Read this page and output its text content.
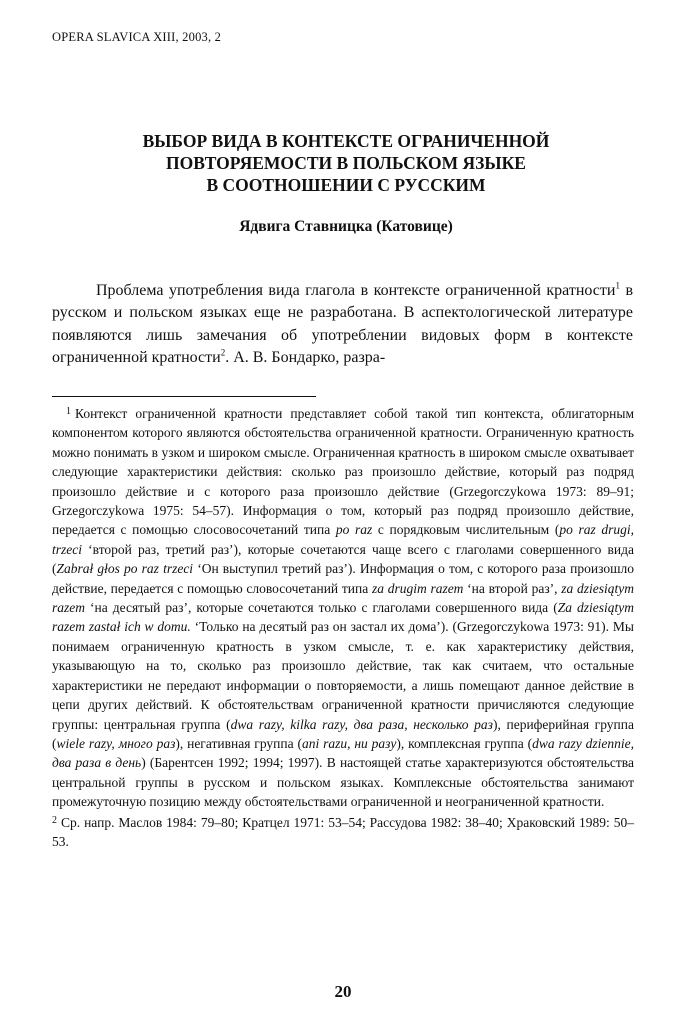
OPERA SLAVICA XIII, 2003, 2
ВЫБОР ВИДА В КОНТЕКСТЕ ОГРАНИЧЕННОЙ
ПОВТОРЯЕМОСТИ В ПОЛЬСКОМ ЯЗЫКЕ
В СООТНОШЕНИИ С РУССКИМ
Ядвига Ставницка (Катовице)

Проблема употребления вида глагола в контексте ограниченной кратности$^1$ в русском и польском языках еще не разработана. В аспектологической литературе появляются лишь замечания об употреблении видовых форм в контексте ограниченной кратности$^2$. А. В. Бондарко, разра-

$^1$ Контекст ограниченной кратности представляет собой такой тип контекста, облигаторным компонентом которого являются обстоятельства ограниченной кратности. Ограниченную кратность можно понимать в узком и широком смысле. Ограниченная кратность в широком смысле охватывает следующие характеристики действия: сколько раз произошло действие, который раз подряд произошло действие и с которого раза произошло действие (Grzegorczykowa 1973: 89–91; Grzegorczykowa 1975: 54–57). Информация о том, который раз подряд произошло действие, передается с помощью слосовосочетаний типа po raz с порядковым числительным (po raz drugi, trzeci ‘второй раз, третий раз’), которые сочетаются чаще всего с глаголами совершенного вида (Zabrał głos po raz trzeci ‘Он выступил третий раз’). Информация о том, с которого раза произошло действие, передается с помощью словосочетаний типа za drugim razem ‘на второй раз’, za dziesiątym razem ‘на десятый раз’, которые сочетаются только с глаголами совершенного вида (Za dziesiątym razem zastał ich w domu. ‘Только на десятый раз он застал их дома’). (Grzegorczykowa 1973: 91). Мы понимаем ограниченную кратность в узком смысле, т. е. как характеристику действия, указывающую на то, сколько раз произошло действие, так как считаем, что остальные характеристики не передают информации о повторяемости, а лишь помещают данное действие в цепи других действий. К обстоятельствам ограниченной кратности причисляются следующие группы: центральная группа (dwa razy, kilka razy, два раза, несколько раз), периферийная группа (wiele razy, много раз), негативная группа (ani razu, ни разу), комплексная группа (dwa razy dziennie, два раза в день) (Барентсен 1992; 1994; 1997). В настоящей статье характеризуются обстоятельства центральной группы в русском и польском языках. Комплексные обстоятельства занимают промежуточную позицию между обстоятельствами ограниченной и неограниченной кратности.

$^2$ Ср. напр. Маслов 1984: 79–80; Кратцел 1971: 53–54; Рассудова 1982: 38–40; Храковский 1989: 50–53.

20
